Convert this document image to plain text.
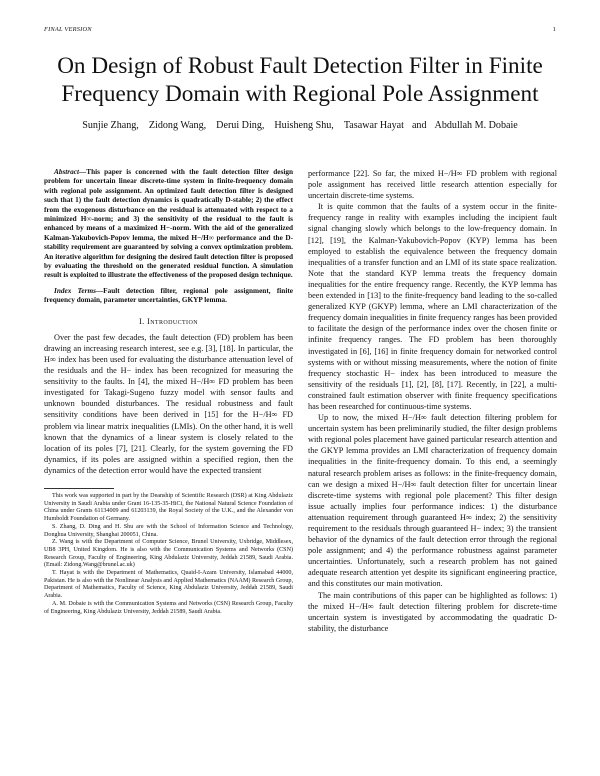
FINAL VERSION	1
On Design of Robust Fault Detection Filter in Finite Frequency Domain with Regional Pole Assignment
Sunjie Zhang, Zidong Wang, Derui Ding, Huisheng Shu, Tasawar Hayat and Abdullah M. Dobaie

Abstract—This paper is concerned with the fault detection filter design problem for uncertain linear discrete-time system in finite-frequency domain with regional pole assignment. An optimized fault detection filter is designed such that 1) the fault detection dynamics is quadratically D-stable; 2) the effect from the exogenous disturbance on the residual is attenuated with respect to a minimized H∞-norm; and 3) the sensitivity of the residual to the fault is enhanced by means of a maximized H−-norm. With the aid of the generalized Kalman-Yakubovich-Popov lemma, the mixed H−/H∞ performance and the D-stability requirement are guaranteed by solving a convex optimization problem. An iterative algorithm for designing the desired fault detection filter is proposed by evaluating the threshold on the generated residual function. A simulation result is exploited to illustrate the effectiveness of the proposed design technique.

Index Terms—Fault detection filter, regional pole assignment, finite frequency domain, parameter uncertainties, GKYP lemma.

I. Introduction

Over the past few decades, the fault detection (FD) problem has been drawing an increasing research interest, see e.g. [3], [18]. In particular, the H∞ index has been used for evaluating the disturbance attenuation level of the residuals and the H− index has been recognized for measuring the sensitivity to the faults. In [4], the mixed H−/H∞ FD problem has been investigated for Takagi-Sugeno fuzzy model with sensor faults and unknown bounded disturbances. The residual robustness and fault sensitivity conditions have been derived in [15] for the H−/H∞ FD problem via linear matrix inequalities (LMIs). On the other hand, it is well known that the dynamics of a linear system is closely related to the location of its poles [7], [21]. Clearly, for the system governing the FD dynamics, if its poles are assigned within a specified region, then the dynamics of the detection error would have the expected transient

This work was supported in part by the Deanship of Scientific Research (DSR) at King Abdulaziz University in Saudi Arabia under Grant 16-135-35-HiCi, the National Natural Science Foundation of China under Grants 61134009 and 61203139, the Royal Society of the U.K., and the Alexander von Humboldt Foundation of Germany.

S. Zhang, D. Ding and H. Shu are with the School of Information Science and Technology, Donghua University, Shanghai 200051, China.

Z. Wang is with the Department of Computer Science, Brunel University, Uxbridge, Middlesex, UB8 3PH, United Kingdom. He is also with the Communication Systems and Networks (CSN) Research Group, Faculty of Engineering, King Abdulaziz University, Jeddah 21589, Saudi Arabia. (Email: Zidong.Wang@brunel.ac.uk)

T. Hayat is with the Department of Mathematics, Quaid-I-Azam University, Islamabad 44000, Pakistan. He is also with the Nonlinear Analysis and Applied Mathematics (NAAM) Research Group, Department of Mathematics, Faculty of Science, King Abdulaziz University, Jeddah 21589, Saudi Arabia.

A. M. Dobaie is with the Communication Systems and Networks (CSN) Research Group, Faculty of Engineering, King Abdulaziz University, Jeddah 21589, Saudi Arabia.

performance [22]. So far, the mixed H−/H∞ FD problem with regional pole assignment has received little research attention especially for uncertain discrete-time systems.

It is quite common that the faults of a system occur in the finite-frequency range in reality with examples including the incipient fault signal changing slowly which belongs to the low-frequency domain. In [12], [19], the Kalman-Yakubovich-Popov (KYP) lemma has been employed to establish the equivalence between the frequency domain inequalities of a transfer function and an LMI of its state space realization. Note that the standard KYP lemma treats the frequency domain inequalities for the entire frequency range. Recently, the KYP lemma has been extended in [13] to the finite-frequency band leading to the so-called generalized KYP (GKYP) lemma, where an LMI characterization of the frequency domain inequalities in finite frequency ranges has been provided to facilitate the design of the performance index over the chosen finite or infinite frequency ranges. The FD problem has been thoroughly investigated in [6], [16] in finite frequency domain for networked control systems with or without missing measurements, where the notion of finite frequency stochastic H− index has been introduced to measure the sensitivity of the residuals [1], [2], [8], [17]. Recently, in [22], a multi-constrained fault estimation observer with finite frequency specifications has been researched for continuous-time systems.

Up to now, the mixed H−/H∞ fault detection filtering problem for uncertain system has been preliminarily studied, the filter design problems with regional poles placement have gained particular research attention and the GKYP lemma provides an LMI characterization of frequency domain inequalities in the finite-frequency domain. To this end, a seemingly natural research problem arises as follows: in the finite-frequency domain, can we design a mixed H−/H∞ fault detection filter for uncertain linear discrete-time systems with regional pole placement? This filter design issue actually implies four performance indices: 1) the disturbance attenuation requirement through guaranteed H∞ index; 2) the sensitivity requirement to the residuals through guaranteed H− index; 3) the transient behavior of the dynamics of the fault detection error through the regional pole assignment; and 4) the performance robustness against parameter uncertainties. Unfortunately, such a research problem has not gained adequate research attention yet despite its significant engineering practice, and this constitutes our main motivation.

The main contributions of this paper can be highlighted as follows: 1) the mixed H−/H∞ fault detection filtering problem for discrete-time uncertain system is investigated by accommodating the quadratic D-stability, the disturbance
